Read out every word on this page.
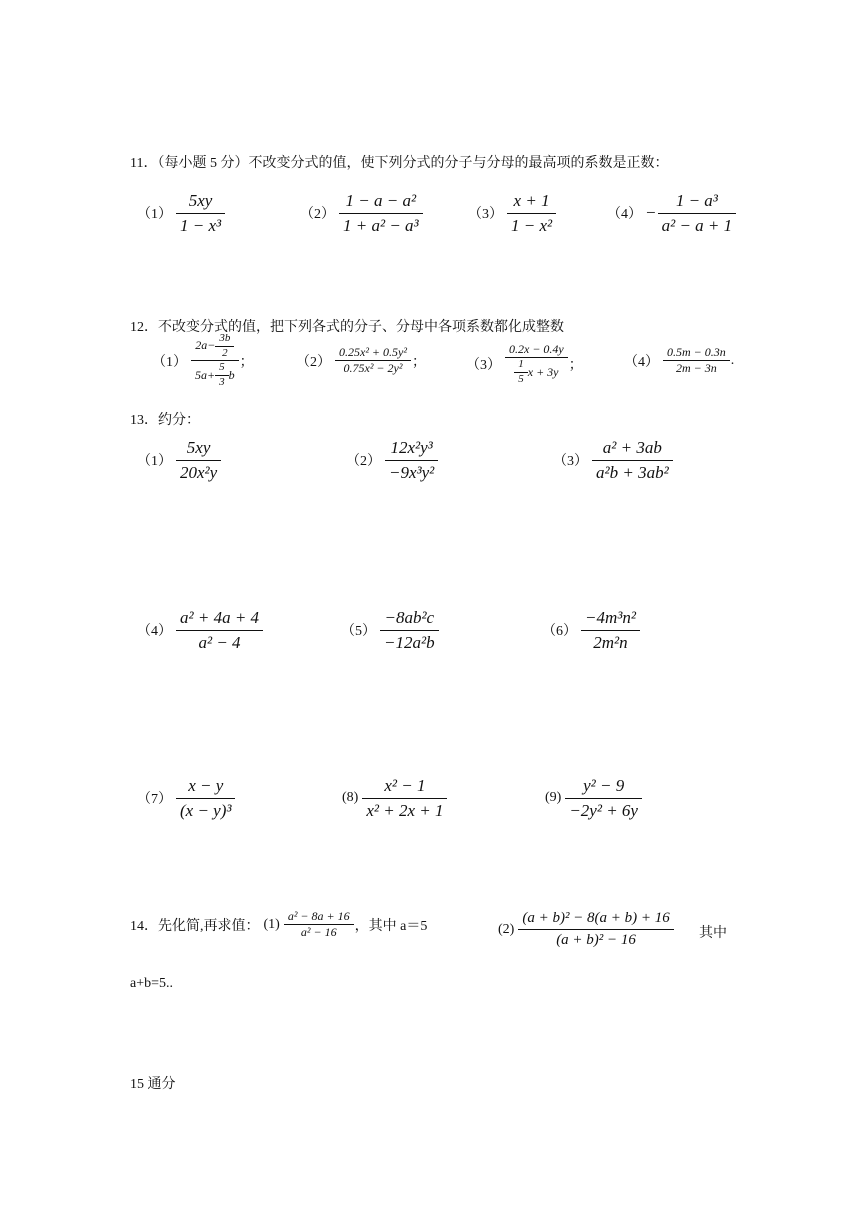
11．（每小题 5 分）不改变分式的值，使下列分式的分子与分母的最高项的系数是正数：
$(1) \frac{5xy}{\text{1 − x³}}$	$(2) \frac{\text{1 − a − a²}}{\text{1 + a² − a³}}$	$(3) \frac{x + 1}{\text{1 − x²}}$	$(4) - \frac{\text{1 − a³}}{\text{a² − a + 1}}$
12．不改变分式的值，把下列各式的分子、分母中各项系数都化成整数
$(1) \frac{2a- \frac{3b}{2}}{5a+ \frac{5}{3} b}$ ；	$(2) \frac{\text{0.25x² + 0.5y²}}{\text{0.75x² − 2y²}}$ ；	$(3) \frac{0.2x - 0.4y}{\frac{1}{5} x + 3y}$ ；	$(4) \frac{0.5m - 0.3n}{2m - 3n}$ .
13．约分：
$(1) \frac{5xy}{\text{20x²y}}$	$(2) \frac{\text{12x²y³}}{\text{−9x³y²}}$	$(3) \frac{\text{a² + 3ab}}{\text{a²b + 3ab²}}$
$(4) \frac{\text{a² + 4a + 4}}{\text{a² − 4}}$	$(5) \frac{\text{−8ab²c}}{\text{−12a²b}}$	$(6) \frac{\text{−4m³n²}}{\text{2m²n}}$
$(7) \frac{x - y}{\text{(x − y)³}}$	$(8) \frac{\text{x² − 1}}{\text{x² + 2x + 1}}$	$(9) \frac{\text{y² − 9}}{\text{−2y² + 6y}}$
14．先化简,再求值： $(1) \frac{\text{a² − 8a + 16}}{\text{a² − 16}}$ ，其中 a＝5	$(2) \frac{\text{(a + b)² − 8(a + b) + 16}}{\text{(a + b)² − 16}}$ 其中
a+b=5..
15 通分
